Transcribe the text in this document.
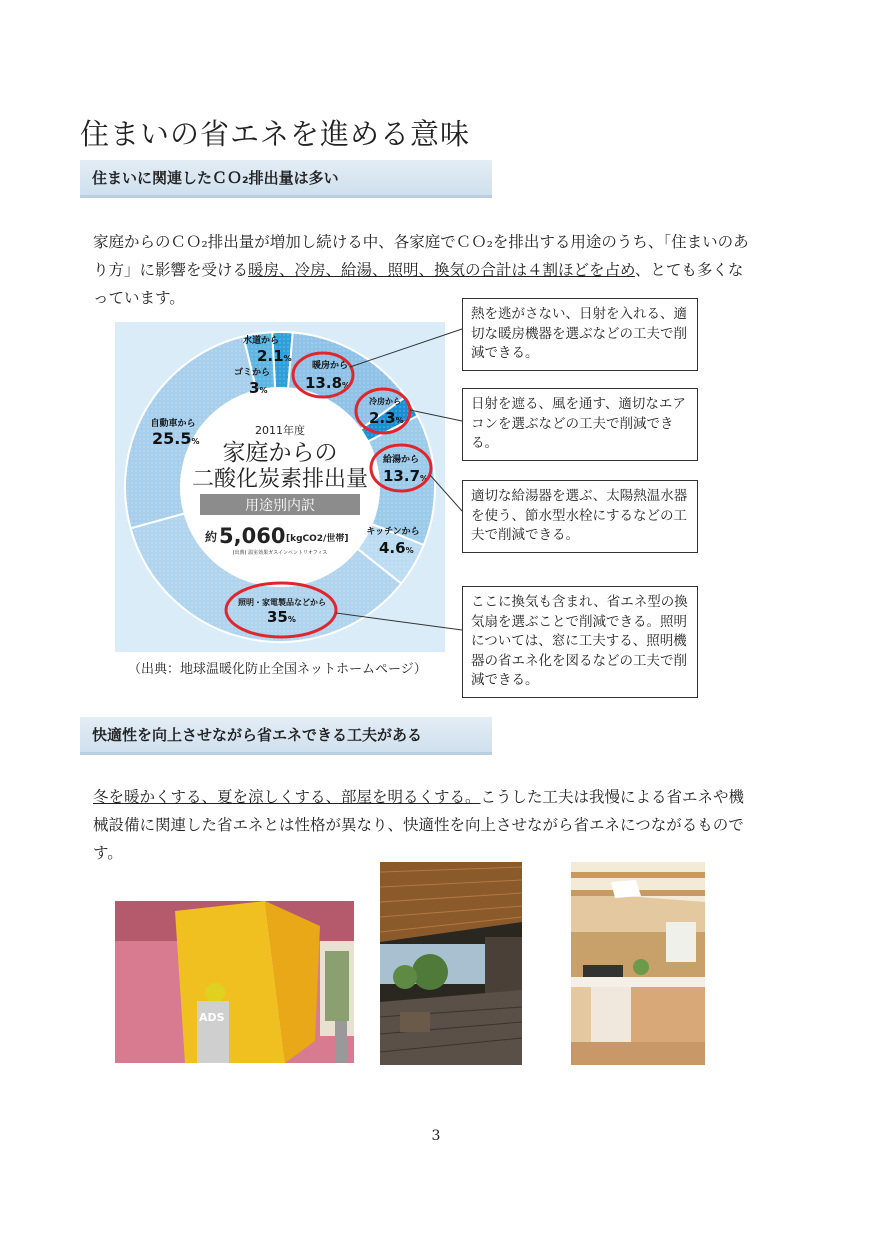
住まいの省エネを進める意味
住まいに関連したＣＯ₂排出量は多い
家庭からのＣＯ₂排出量が増加し続ける中、各家庭でＣＯ₂を排出する用途のうち、「住まいのあり方」に影響を受ける暖房、冷房、給湯、照明、換気の合計は４割ほどを占め、とても多くなっています。
2011年度
家庭からの
二酸化炭素排出量
用途別内訳
約 5,060 [kgCO2/世帯]
(出典) 温室効果ガスインベントリオフィス
水道から
2.1%
ゴミから
3%
暖房から
13.8%
冷房から
2.3%
給湯から
13.7%
キッチンから
4.6%
自動車から
25.5%
照明・家電製品などから
35%
熱を逃がさない、日射を入れる、適切な暖房機器を選ぶなどの工夫で削減できる。
日射を遮る、風を通す、適切なエアコンを選ぶなどの工夫で削減できる。
適切な給湯器を選ぶ、太陽熱温水器を使う、節水型水栓にするなどの工夫で削減できる。
ここに換気も含まれ、省エネ型の換気扇を選ぶことで削減できる。照明については、窓に工夫する、照明機器の省エネ化を図るなどの工夫で削減できる。
（出典：地球温暖化防止全国ネットホームページ）
快適性を向上させながら省エネできる工夫がある
冬を暖かくする、夏を涼しくする、部屋を明るくする。こうした工夫は我慢による省エネや機械設備に関連した省エネとは性格が異なり、快適性を向上させながら省エネにつながるものです。
ADS
3
